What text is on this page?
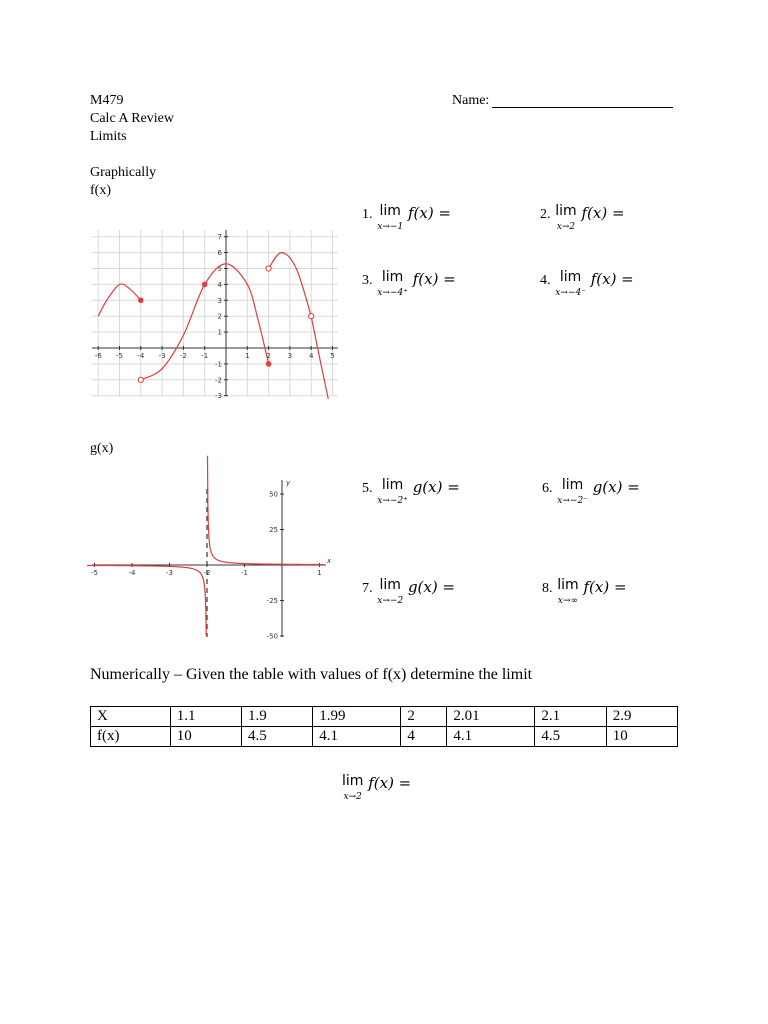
M479
Calc A Review
Limits
Name:
Graphically
f(x)
-6 -5 -4 -3 -2 -1	1 2 3 4 5
7
6
5
4
3
2
1
-1
-2
-3
1. lim
x→−1
f(x) =	2. lim
x→2
f(x) =
3. lim
x→−4⁺
f(x) =	4. lim
x→−4⁻
f(x) =
g(x)
y
x
-5	-4	-3	-2	-1	1
50
25
-25
-50
5. lim
x→−2⁺
g(x) =	6. lim
x→−2⁻
g(x) =
7. lim
x→−2
g(x) =	8. lim
x→∞
f(x) =
Numerically – Given the table with values of f(x) determine the limit
X	1.1	1.9	1.99	2	2.01	2.1	2.9
f(x)	10	4.5	4.1	4	4.1	4.5	10
lim
x→2
f(x) =
